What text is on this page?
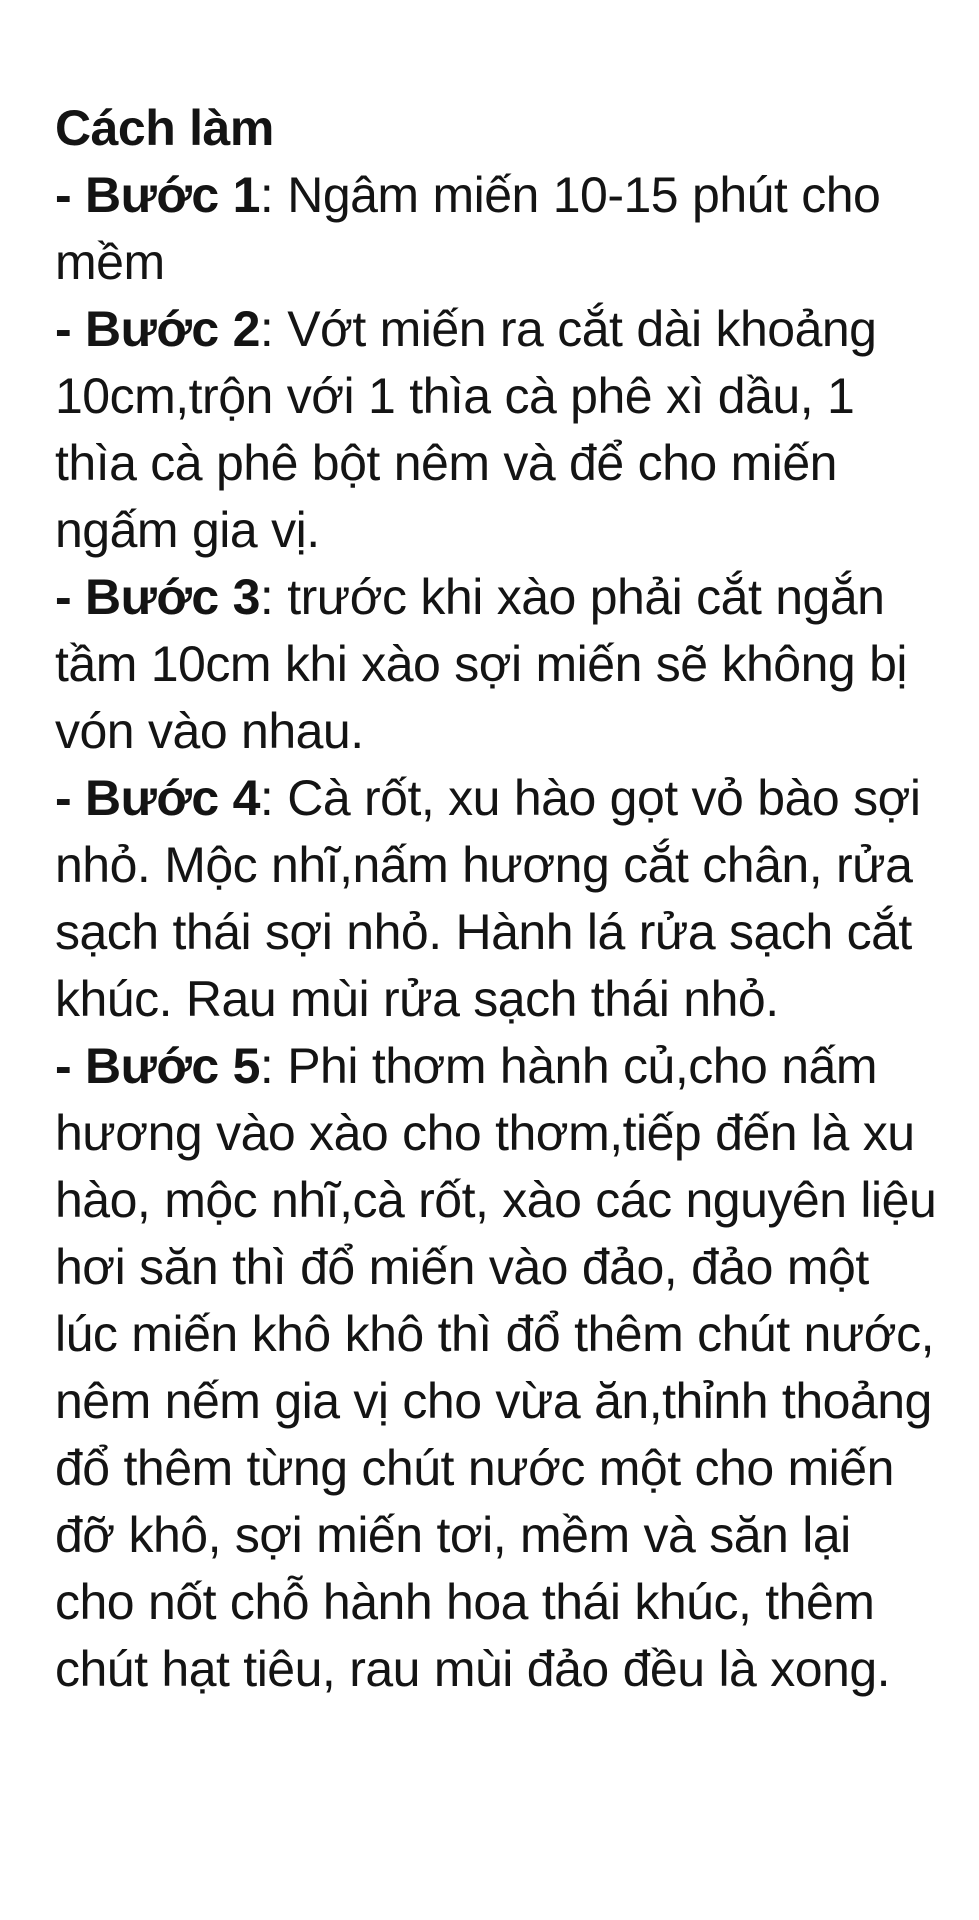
Cách làm

- Bước 1: Ngâm miến 10-15 phút cho mềm

- Bước 2: Vớt miến ra cắt dài khoảng 10cm,trộn với 1 thìa cà phê xì dầu, 1 thìa cà phê bột nêm và để cho miến ngấm gia vị.

- Bước 3: trước khi xào phải cắt ngắn tầm 10cm khi xào sợi miến sẽ không bị vón vào nhau.

- Bước 4: Cà rốt, xu hào gọt vỏ bào sợi nhỏ. Mộc nhĩ,nấm hương cắt chân, rửa sạch thái sợi nhỏ. Hành lá rửa sạch cắt khúc. Rau mùi rửa sạch thái nhỏ.

- Bước 5: Phi thơm hành củ,cho nấm hương vào xào cho thơm,tiếp đến là xu hào, mộc nhĩ,cà rốt, xào các nguyên liệu hơi săn thì đổ miến vào đảo, đảo một lúc miến khô khô thì đổ thêm chút nước, nêm nếm gia vị cho vừa ăn,thỉnh thoảng đổ thêm từng chút nước một cho miến đỡ khô, sợi miến tơi, mềm và săn lại cho nốt chỗ hành hoa thái khúc, thêm chút hạt tiêu, rau mùi đảo đều là xong.
